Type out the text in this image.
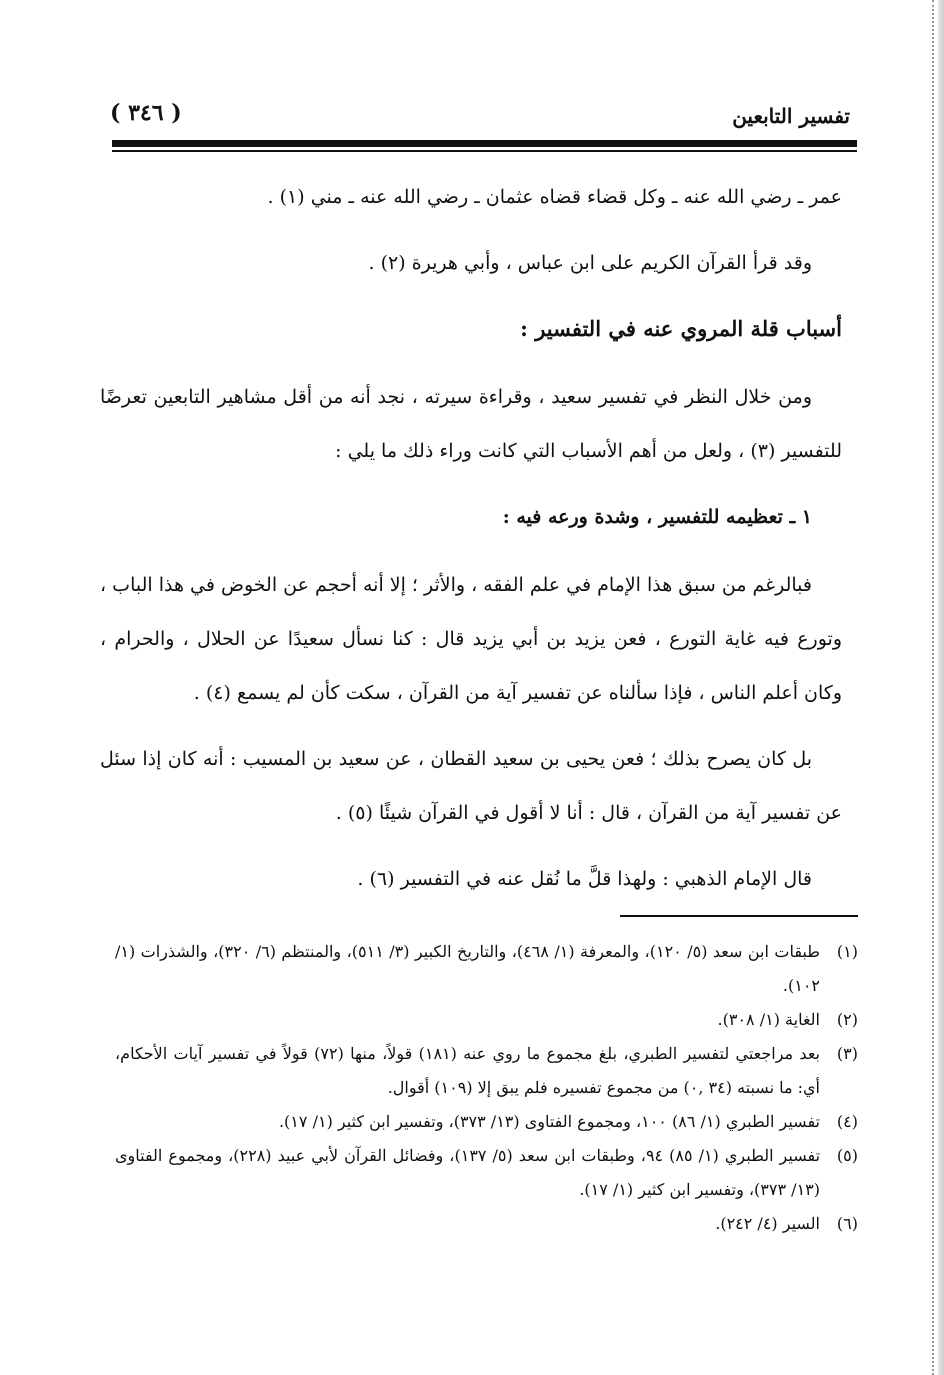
تفسير التابعين
( ٣٤٦ )

عمر ـ رضي الله عنه ـ وكل قضاء قضاه عثمان ـ رضي الله عنه ـ مني (١) .

وقد قرأ القرآن الكريم على ابن عباس ، وأبي هريرة (٢) .

أسباب قلة المروي عنه في التفسير :

ومن خلال النظر في تفسير سعيد ، وقراءة سيرته ، نجد أنه من أقل مشاهير التابعين تعرضًا للتفسير (٣) ، ولعل من أهم الأسباب التي كانت وراء ذلك ما يلي :

١ ـ تعظيمه للتفسير ، وشدة ورعه فيه :

فبالرغم من سبق هذا الإمام في علم الفقه ، والأثر ؛ إلا أنه أحجم عن الخوض في هذا الباب ، وتورع فيه غاية التورع ، فعن يزيد بن أبي يزيد قال : كنا نسأل سعيدًا عن الحلال ، والحرام ، وكان أعلم الناس ، فإذا سألناه عن تفسير آية من القرآن ، سكت كأن لم يسمع (٤) .

بل كان يصرح بذلك ؛ فعن يحيى بن سعيد القطان ، عن سعيد بن المسيب : أنه كان إذا سئل عن تفسير آية من القرآن ، قال : أنا لا أقول في القرآن شيئًا (٥) .

قال الإمام الذهبي : ولهذا قلَّ ما نُقل عنه في التفسير (٦) .

(١)
طبقات ابن سعد (٥/ ١٢٠)، والمعرفة (١/ ٤٦٨)، والتاريخ الكبير (٣/ ٥١١)، والمنتظم (٦/ ٣٢٠)، والشذرات (١/ ١٠٢).
(٢)
الغاية (١/ ٣٠٨).
(٣)
بعد مراجعتي لتفسير الطبري، بلغ مجموع ما روي عنه (١٨١) قولاً، منها (٧٢) قولاً في تفسير آيات الأحكام، أي: ما نسبته (٣٤ ,٠) من مجموع تفسيره فلم يبق إلا (١٠٩) أقوال.
(٤)
تفسير الطبري (١/ ٨٦) ١٠٠، ومجموع الفتاوى (١٣/ ٣٧٣)، وتفسير ابن كثير (١/ ١٧).
(٥)
تفسير الطبري (١/ ٨٥) ٩٤، وطبقات ابن سعد (٥/ ١٣٧)، وفضائل القرآن لأبي عبيد (٢٢٨)، ومجموع الفتاوى (١٣/ ٣٧٣)، وتفسير ابن كثير (١/ ١٧).
(٦)
السير (٤/ ٢٤٢).
